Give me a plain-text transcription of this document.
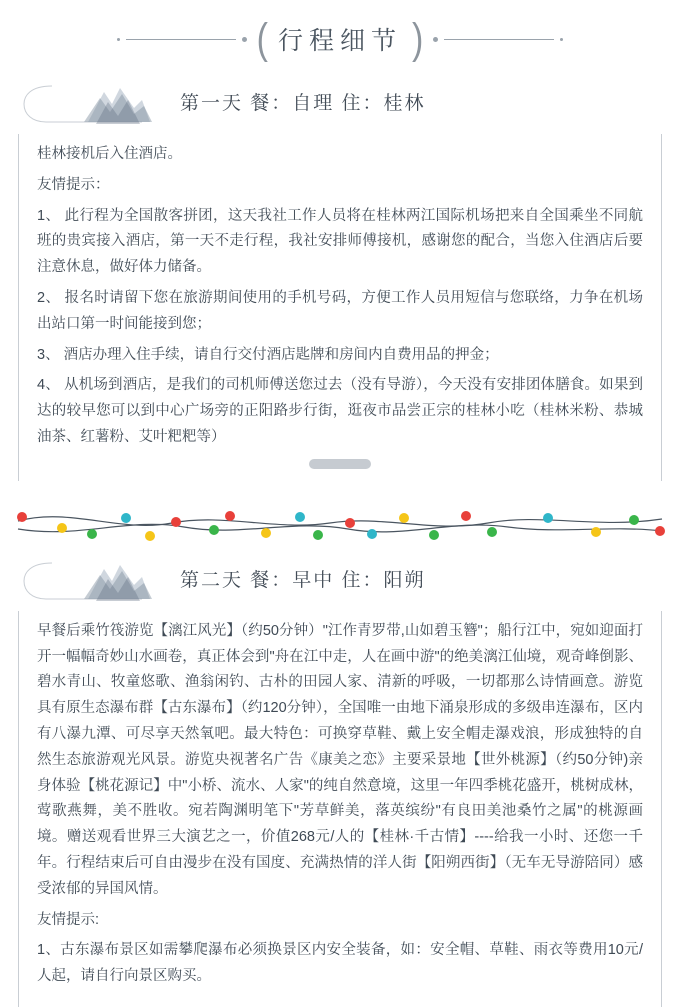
( 行程细节 )
第一天 餐：自理 住：桂林

桂林接机后入住酒店。

友情提示：

1、 此行程为全国散客拼团，这天我社工作人员将在桂林两江国际机场把来自全国乘坐不同航班的贵宾接入酒店，第一天不走行程，我社安排师傅接机，感谢您的配合，当您入住酒店后要注意休息，做好体力储备。

2、 报名时请留下您在旅游期间使用的手机号码，方便工作人员用短信与您联络，力争在机场出站口第一时间能接到您；

3、 酒店办理入住手续，请自行交付酒店匙牌和房间内自费用品的押金；

4、 从机场到酒店，是我们的司机师傅送您过去（没有导游），今天没有安排团体膳食。如果到达的较早您可以到中心广场旁的正阳路步行街，逛夜市品尝正宗的桂林小吃（桂林米粉、恭城油茶、红薯粉、艾叶粑粑等）

第二天 餐：早中 住：阳朔

早餐后乘竹筏游览【漓江风光】（约50分钟）"江作青罗带,山如碧玉簪"；船行江中，宛如迎面打开一幅幅奇妙山水画卷，真正体会到"舟在江中走，人在画中游"的绝美漓江仙境，观奇峰倒影、碧水青山、牧童悠歌、渔翁闲钓、古朴的田园人家、清新的呼吸，一切都那么诗情画意。游览具有原生态瀑布群【古东瀑布】（约120分钟），全国唯一由地下涌泉形成的多级串连瀑布，区内有八瀑九潭、可尽享天然氧吧。最大特色：可换穿草鞋、戴上安全帽走瀑戏浪，形成独特的自然生态旅游观光风景。游览央视著名广告《康美之恋》主要采景地【世外桃源】（约50分钟)亲身体验【桃花源记】中"小桥、流水、人家"的纯自然意境，这里一年四季桃花盛开，桃树成林，莺歌燕舞，美不胜收。宛若陶渊明笔下"芳草鲜美，落英缤纷"有良田美池桑竹之属"的桃源画境。赠送观看世界三大演艺之一，价值268元/人的【桂林·千古情】----给我一小时、还您一千年。行程结束后可自由漫步在没有国度、充满热情的洋人街【阳朔西街】（无车无导游陪同）感受浓郁的异国风情。

友情提示:

1、古东瀑布景区如需攀爬瀑布必须换景区内安全装备，如：安全帽、草鞋、雨衣等费用10元/人起，请自行向景区购买。
